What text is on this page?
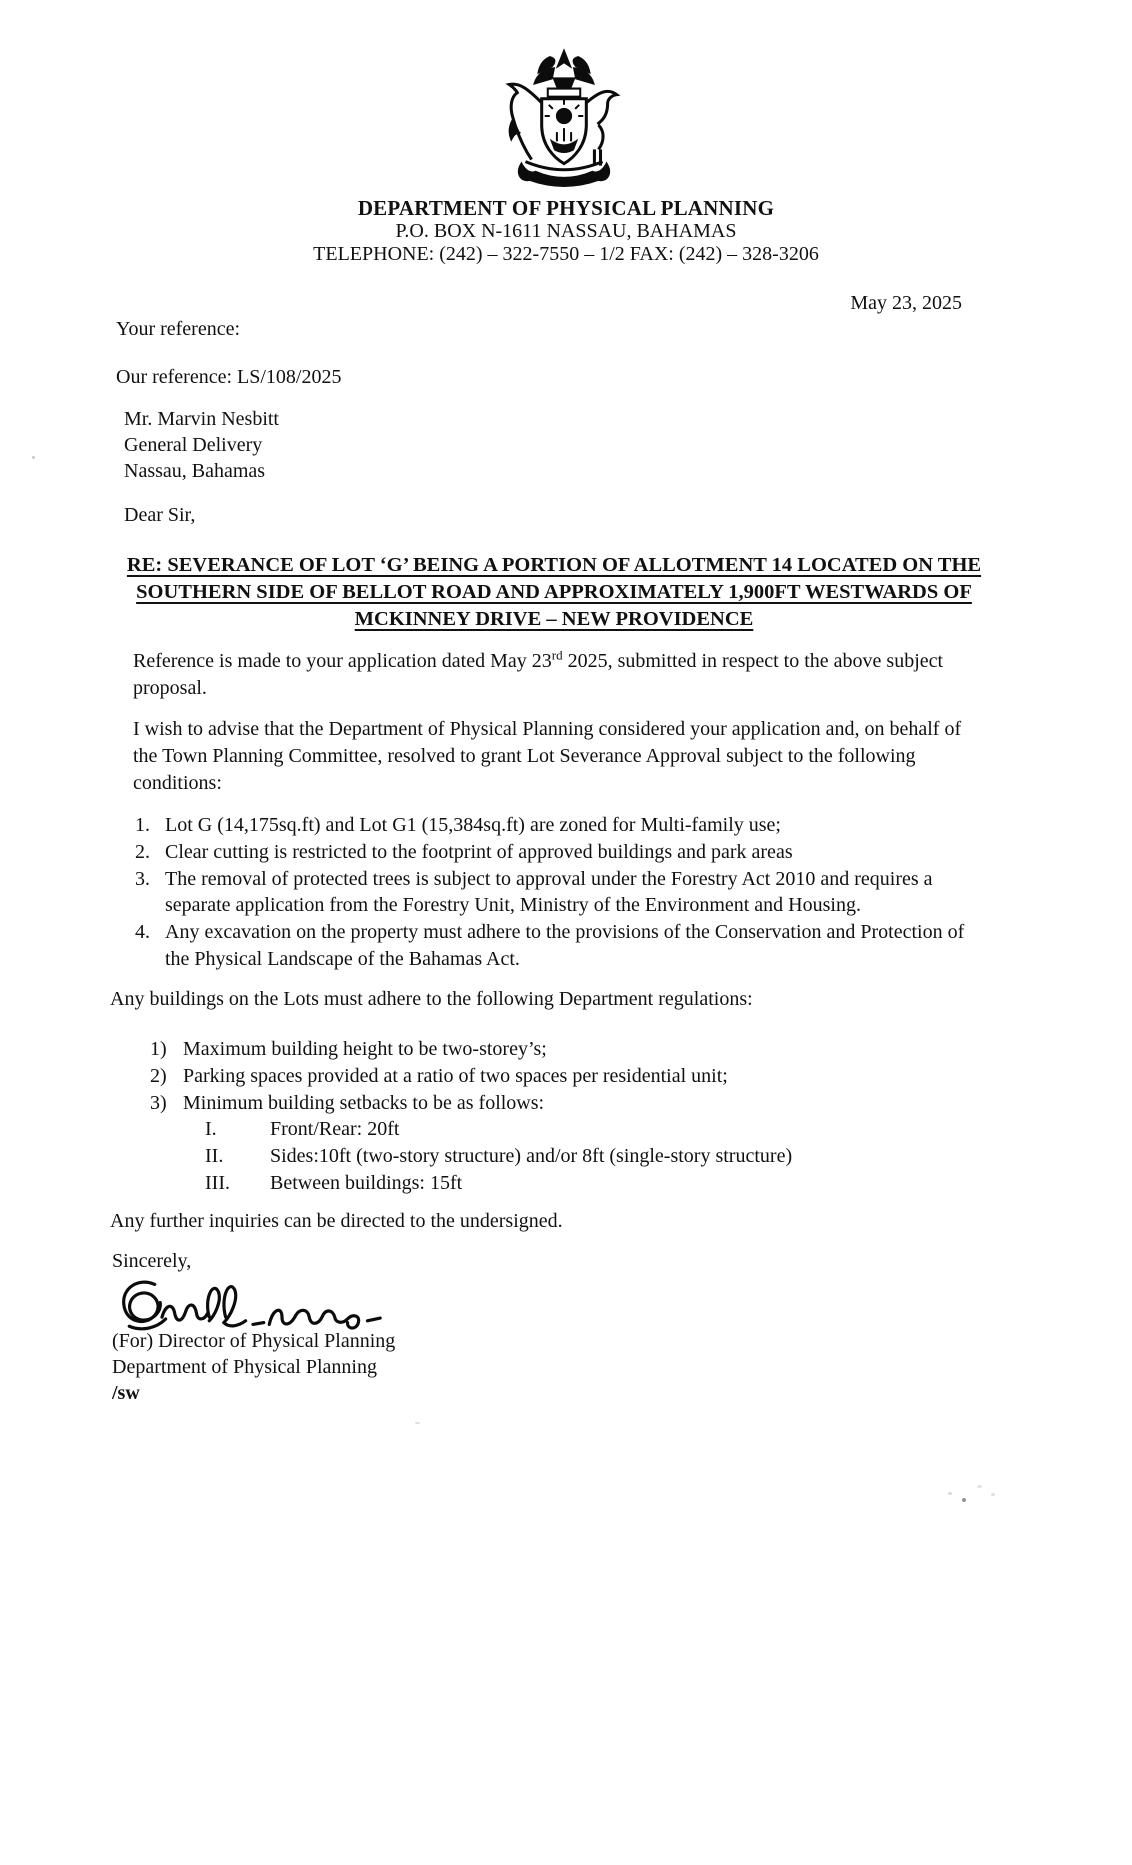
DEPARTMENT OF PHYSICAL PLANNING
P.O. BOX N-1611 NASSAU, BAHAMAS
TELEPHONE: (242) – 322-7550 – 1/2 FAX: (242) – 328-3206
May 23, 2025
Your reference:
Our reference: LS/108/2025
Mr. Marvin Nesbitt
General Delivery
Nassau, Bahamas
Dear Sir,
RE: SEVERANCE OF LOT ‘G’ BEING A PORTION OF ALLOTMENT 14 LOCATED ON THE
SOUTHERN SIDE OF BELLOT ROAD AND APPROXIMATELY 1,900FT WESTWARDS OF
MCKINNEY DRIVE – NEW PROVIDENCE
Reference is made to your application dated May 23rd 2025, submitted in respect to the above subject proposal.
I wish to advise that the Department of Physical Planning considered your application and, on behalf of the Town Planning Committee, resolved to grant Lot Severance Approval subject to the following conditions:
1. Lot G (14,175sq.ft) and Lot G1 (15,384sq.ft) are zoned for Multi-family use;
2. Clear cutting is restricted to the footprint of approved buildings and park areas
3. The removal of protected trees is subject to approval under the Forestry Act 2010 and requires a separate application from the Forestry Unit, Ministry of the Environment and Housing.
4. Any excavation on the property must adhere to the provisions of the Conservation and Protection of the Physical Landscape of the Bahamas Act.
Any buildings on the Lots must adhere to the following Department regulations:
1) Maximum building height to be two-storey’s;
2) Parking spaces provided at a ratio of two spaces per residential unit;
3) Minimum building setbacks to be as follows:
I.	Front/Rear: 20ft
II.	Sides:10ft (two-story structure) and/or 8ft (single-story structure)
III.	Between buildings: 15ft
Any further inquiries can be directed to the undersigned.
Sincerely,
(For) Director of Physical Planning
Department of Physical Planning
/sw
